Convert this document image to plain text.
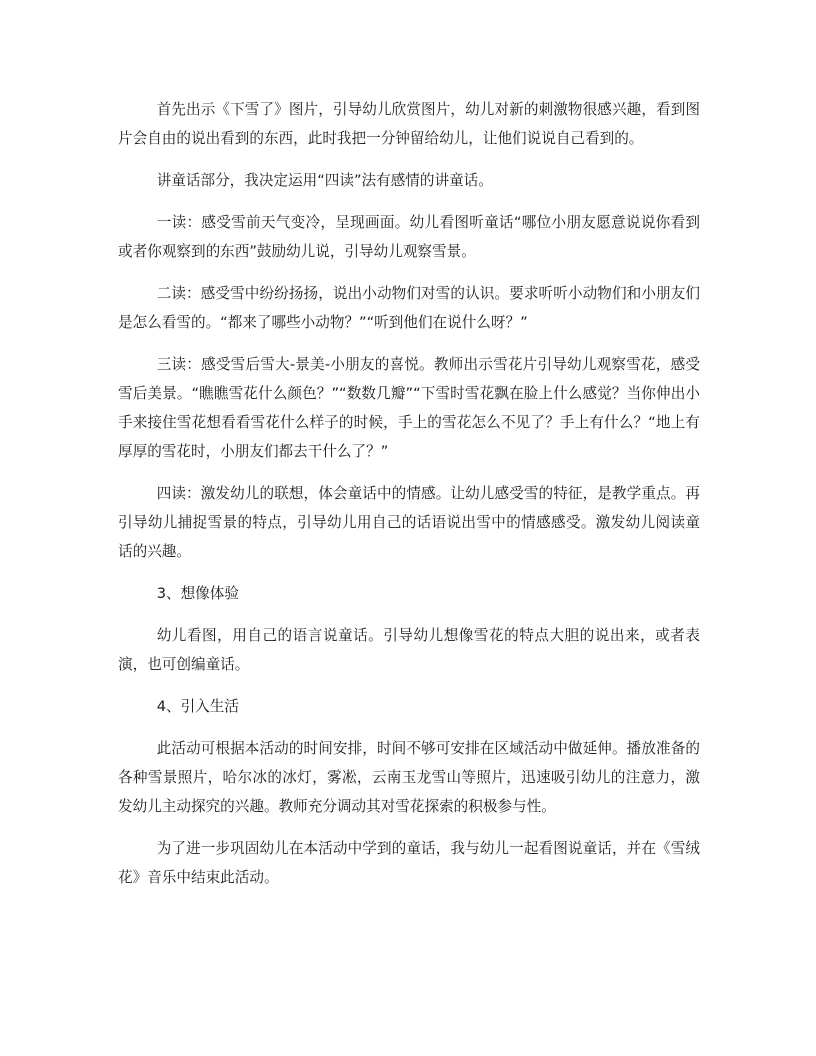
首先出示《下雪了》图片，引导幼儿欣赏图片，幼儿对新的刺激物很感兴趣，看到图片会自由的说出看到的东西，此时我把一分钟留给幼儿，让他们说说自己看到的。

讲童话部分，我决定运用“四读”法有感情的讲童话。

一读：感受雪前天气变冷，呈现画面。幼儿看图听童话“哪位小朋友愿意说说你看到或者你观察到的东西”鼓励幼儿说，引导幼儿观察雪景。

二读：感受雪中纷纷扬扬，说出小动物们对雪的认识。要求听听小动物们和小朋友们是怎么看雪的。“都来了哪些小动物？”“听到他们在说什么呀？”

三读：感受雪后雪大-景美-小朋友的喜悦。教师出示雪花片引导幼儿观察雪花，感受雪后美景。“瞧瞧雪花什么颜色？”“数数几瓣”“下雪时雪花飘在脸上什么感觉？当你伸出小手来接住雪花想看看雪花什么样子的时候，手上的雪花怎么不见了？手上有什么？“地上有厚厚的雪花时，小朋友们都去干什么了？”

四读：激发幼儿的联想，体会童话中的情感。让幼儿感受雪的特征，是教学重点。再引导幼儿捕捉雪景的特点，引导幼儿用自己的话语说出雪中的情感感受。激发幼儿阅读童话的兴趣。

3、想像体验

幼儿看图，用自己的语言说童话。引导幼儿想像雪花的特点大胆的说出来，或者表演，也可创编童话。

4、引入生活

此活动可根据本活动的时间安排，时间不够可安排在区域活动中做延伸。播放准备的各种雪景照片，哈尔冰的冰灯，雾凇，云南玉龙雪山等照片，迅速吸引幼儿的注意力，激发幼儿主动探究的兴趣。教师充分调动其对雪花探索的积极参与性。

为了进一步巩固幼儿在本活动中学到的童话，我与幼儿一起看图说童话，并在《雪绒花》音乐中结束此活动。
